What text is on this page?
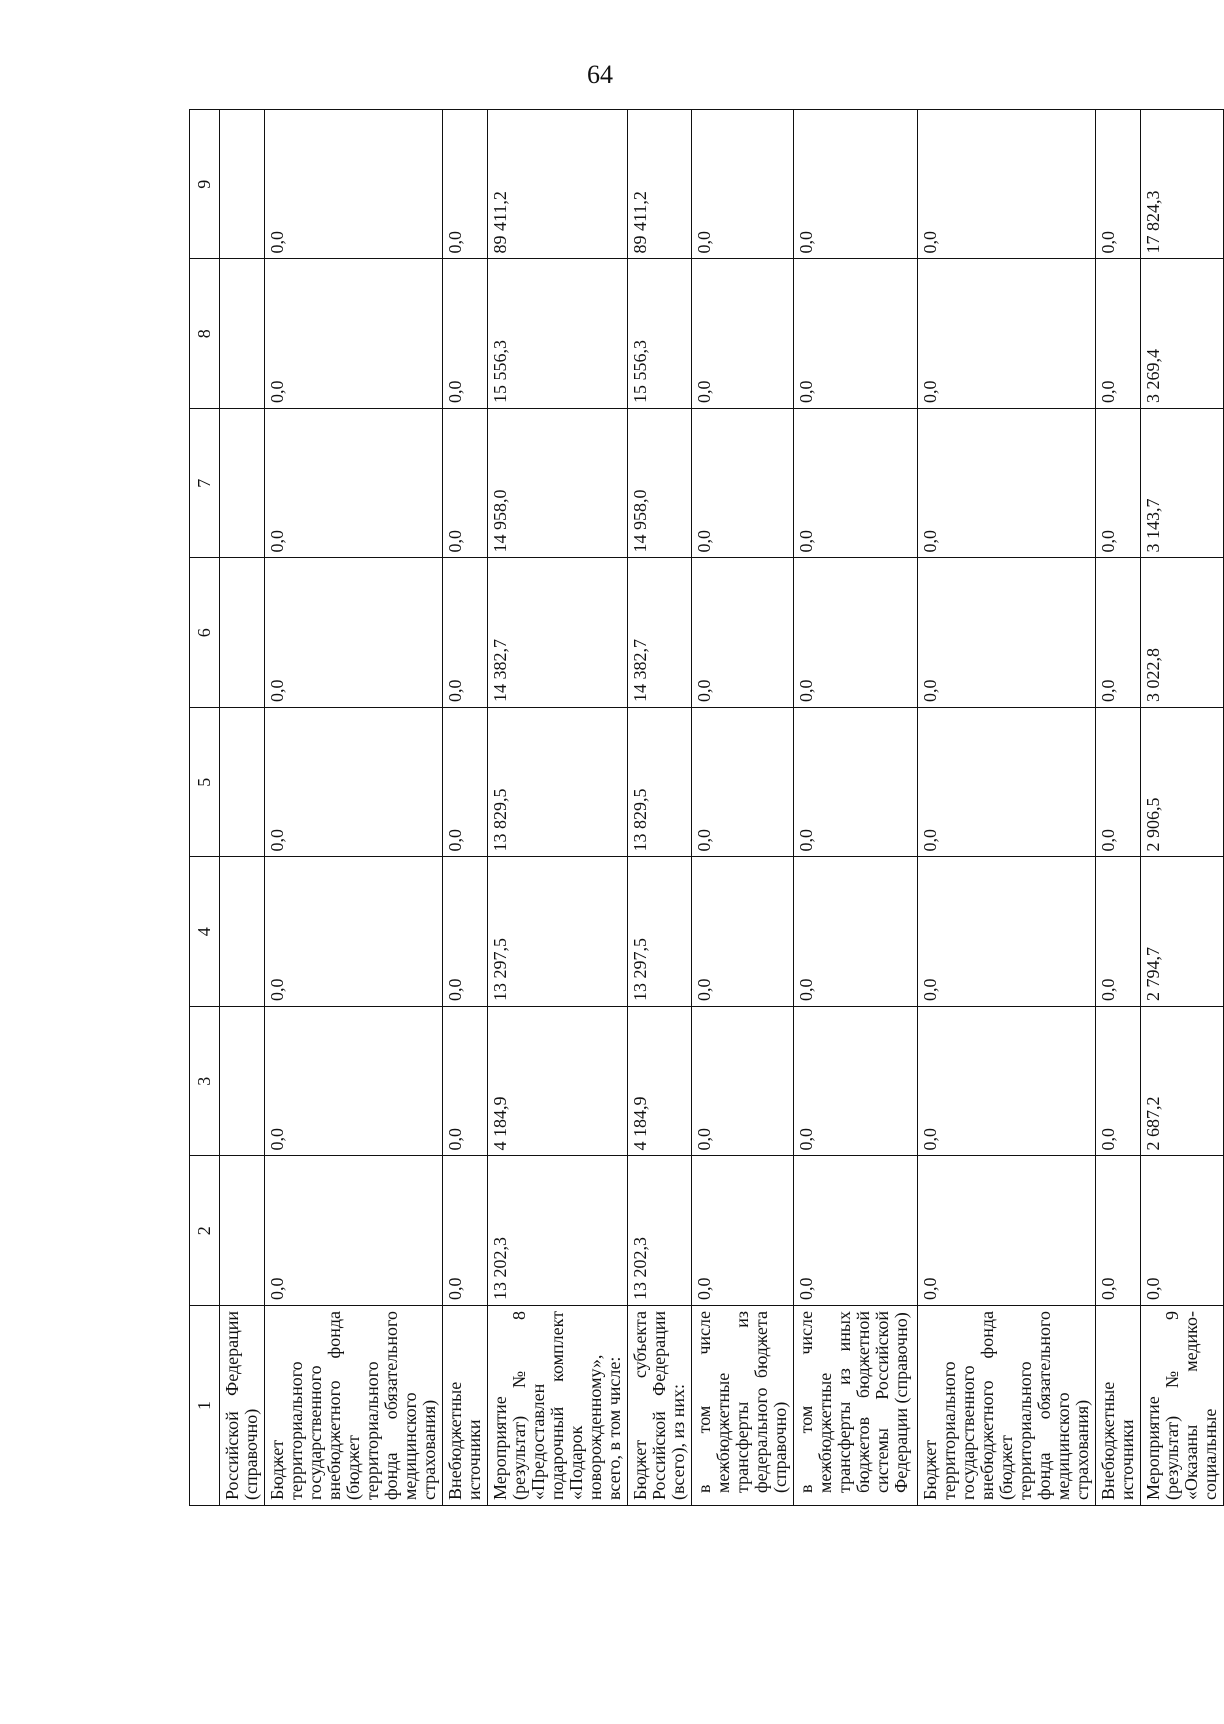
64
1	2	3	4	5	6	7	8	9
Российской Федерации (справочно)								
Бюджет территориального государственного внебюджетного фонда (бюджет территориального фонда обязательного медицинского страхования)	0,0	0,0	0,0	0,0	0,0	0,0	0,0	0,0
Внебюджетные источники	0,0	0,0	0,0	0,0	0,0	0,0	0,0	0,0
Мероприятие (результат) № 8 «Предоставлен подарочный комплект «Подарок новорожденному», всего, в том числе:	13 202,3	4 184,9	13 297,5	13 829,5	14 382,7	14 958,0	15 556,3	89 411,2
Бюджет субъекта Российской Федерации (всего), из них:	13 202,3	4 184,9	13 297,5	13 829,5	14 382,7	14 958,0	15 556,3	89 411,2
в том числе межбюджетные трансферты из федерального бюджета (справочно)	0,0	0,0	0,0	0,0	0,0	0,0	0,0	0,0
в том числе межбюджетные трансферты из иных бюджетов бюджетной системы Российской Федерации (справочно)	0,0	0,0	0,0	0,0	0,0	0,0	0,0	0,0
Бюджет территориального государственного внебюджетного фонда (бюджет территориального фонда обязательного медицинского страхования)	0,0	0,0	0,0	0,0	0,0	0,0	0,0	0,0
Внебюджетные источники	0,0	0,0	0,0	0,0	0,0	0,0	0,0	0,0
Мероприятие (результат) № 9 «Оказаны медико-социальные	0,0	2 687,2	2 794,7	2 906,5	3 022,8	3 143,7	3 269,4	17 824,3
